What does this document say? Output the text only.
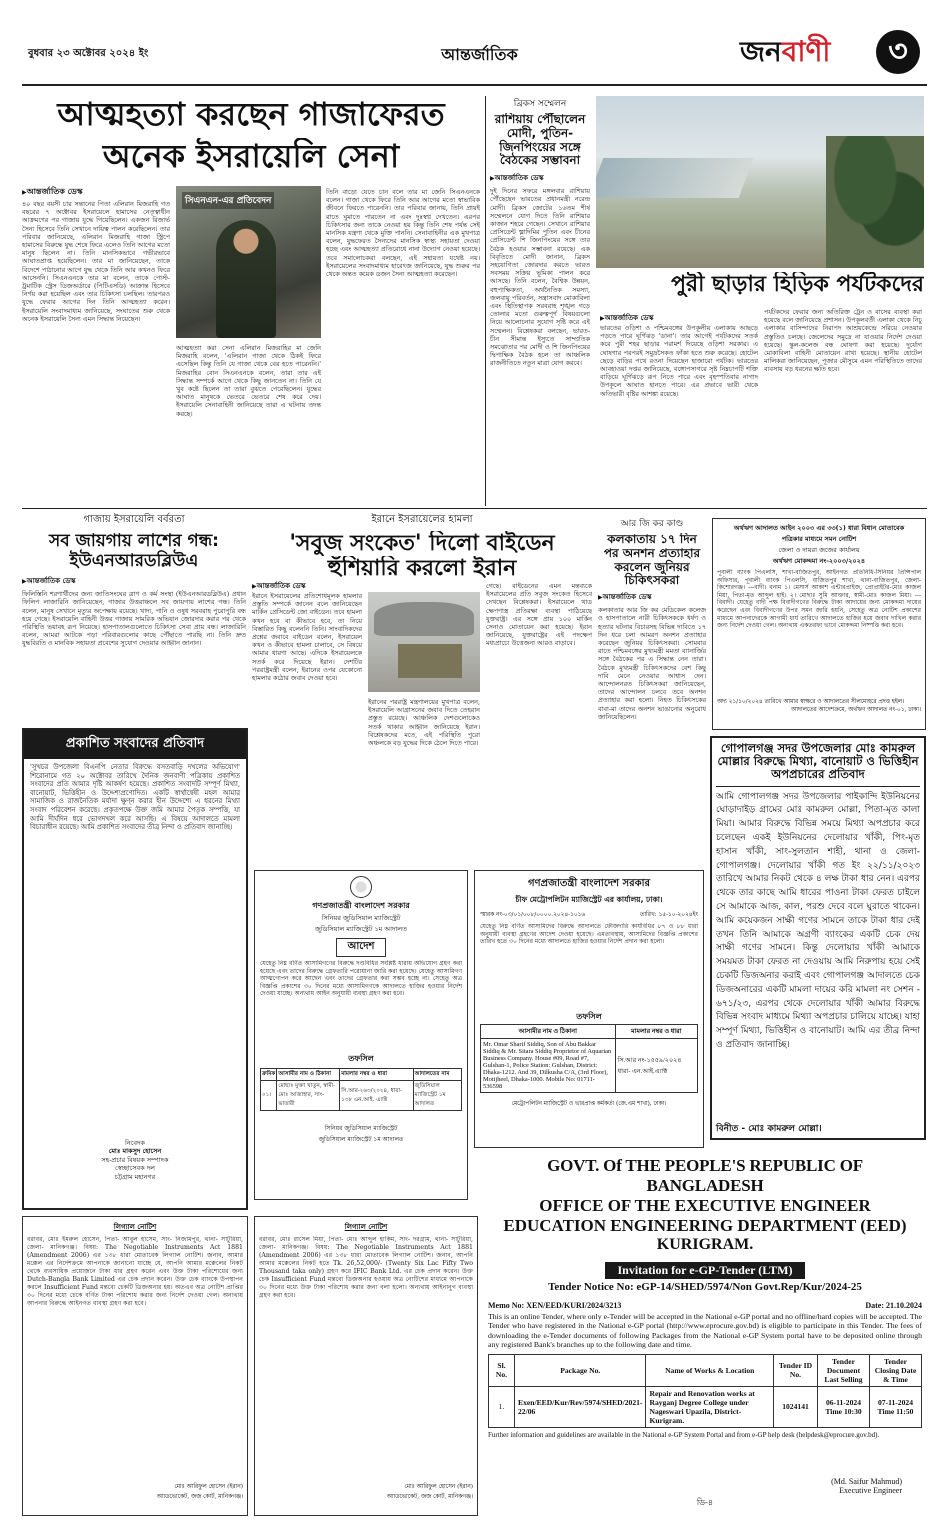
বুধবার ২৩ অক্টোবর ২০২৪ ইং	আন্তর্জাতিক	জনবাণী	৩
আত্মহত্যা করছেন গাজাফেরত
অনেক ইসরায়েলি সেনা
▶ আন্তর্জাতিক ডেস্ক
৪০ বছর বয়সী চার সন্তানের পিতা এলিরান মিজরাহি গত বছরের ৭ অক্টোবর ইসরায়েলে হামাসের নেতৃত্বাধীন আক্রমণের পর গাজায় যুদ্ধে গিয়েছিলেন। একজন রিজার্ভ সৈন্য হিসেবে তিনি সেখানে দায়িত্ব পালন করেছিলেন। তার পরিবার জানিয়েছে, এলিরান মিজরাহি গাজা স্ট্রিপে হামাসের বিরুদ্ধে যুদ্ধ শেষে ফিরে এলেও তিনি আগের মতো মানুষ ছিলেন না। তিনি মানসিকভাবে গভীরভাবে আঘাতপ্রাপ্ত হয়েছিলেন। তার মা জানিয়েছেন, তাকে বিদেশে পাঠানোর আগে যুদ্ধ থেকে তিনি আর কখনও ফিরে আসেননি। সিএনএনকে তার মা বলেন, তাকে পোস্ট-ট্রমাটিক স্ট্রেস ডিজঅর্ডারে (পিটিএসডি) আক্রান্ত হিসেবে নির্ণয় করা হয়েছিল এবং তার চিকিৎসা চলছিল। তারপরও যুদ্ধে ফেরার আগের দিন তিনি আত্মহত্যা করেন। ইসরায়েলি সংবাদমাধ্যম জানিয়েছে, সংঘাতের শুরু থেকে অনেক ইসরায়েলি সৈন্য এমন সিদ্ধান্ত নিয়েছেন।
সিএনএন-এর প্রতিবেদন
আত্মহত্যা করা সেনা এলিরান মিজরাহির মা জেনি মিজরাহি বলেন, 'এলিরান গাজা থেকে ঠিকই ফিরে এসেছিল কিন্তু তিনি যে গাজা থেকে বের হতে পারেননি।' মিজরাহির বোন সিএনএনকে বলেন, তারা তার এই সিদ্ধান্ত সম্পর্কে আগে থেকে কিছু জানতেন না। তিনি যে খুব কষ্টে ছিলেন তা তারা বুঝতে পেরেছিলেন। যুদ্ধের আঘাত মানুষকে ভেতরে ভেতরে শেষ করে দেয়। ইসরায়েলি সেনাবাহিনী জানিয়েছে তারা এ ঘটনায় তদন্ত করছে।
তিনি বাড়ো যেতে চান বলে তার মা জেনি সিএনএনকে বলেন। গাজা থেকে ফিরে তিনি আর আগের মতো স্বাভাবিক জীবনে ফিরতে পারেননি। তার পরিবার জানায়, তিনি প্রায়ই রাতে ঘুমাতে পারতেন না এবং দুঃস্বপ্ন দেখতেন। এরপর চিকিৎসার জন্য তাকে নেওয়া হয় কিন্তু তিনি শেষ পর্যন্ত সেই মানসিক যন্ত্রণা থেকে মুক্তি পাননি। সেনাবাহিনীর এক মুখপাত্র বলেন, যুদ্ধফেরত সৈন্যদের মানসিক স্বাস্থ্য সহায়তা দেওয়া হচ্ছে এবং আত্মহত্যা প্রতিরোধে নানা উদ্যোগ নেওয়া হয়েছে। তবে সমালোচকরা বলছেন, এই সহায়তা যথেষ্ট নয়। ইসরায়েলের সংবাদমাধ্যম হারেৎজ জানিয়েছে, যুদ্ধ শুরুর পর থেকে অন্তত কয়েক ডজন সৈন্য আত্মহত্যা করেছেন।
ব্রিকস সম্মেলন
রাশিয়ায় পৌঁছালেন মোদী, পুতিন-জিনপিংয়ের সঙ্গে বৈঠকের সম্ভাবনা
▶ আন্তর্জাতিক ডেস্ক
দুই দিনের সফরে মঙ্গলবার রাশিয়ায় পৌঁছেছেন ভারতের প্রধানমন্ত্রী নরেন্দ্র মোদী। ব্রিকস জোটের ১৬তম শীর্ষ সম্মেলনে যোগ দিতে তিনি রাশিয়ার কাজান শহরে গেছেন। সেখানে রাশিয়ার প্রেসিডেন্ট ভ্লাদিমির পুতিন এবং চীনের প্রেসিডেন্ট শি জিনপিংয়ের সঙ্গে তার বৈঠক হওয়ার সম্ভাবনা রয়েছে। এক বিবৃতিতে মোদী জানান, ব্রিকস সহযোগিতা জোরদার করতে ভারত সবসময় সক্রিয় ভূমিকা পালন করে আসছে। তিনি বলেন, বৈশ্বিক উন্নয়ন, বহুপাক্ষিকতা, অর্থনৈতিক সমস্যা, জলবায়ু পরিবর্তন, সন্ত্রাসবাদ মোকাবিলা এবং স্থিতিস্থাপক সরবরাহ শৃঙ্খল গড়ে তোলার মতো গুরুত্বপূর্ণ বিষয়গুলো নিয়ে আলোচনার সুযোগ সৃষ্টি করে এই সম্মেলন। বিশ্লেষকরা বলছেন, ভারত-চীন সীমান্ত ইস্যুতে সাম্প্রতিক সমঝোতার পর মোদী ও শি জিনপিংয়ের দ্বিপাক্ষিক বৈঠক হলে তা আঞ্চলিক রাজনীতিতে নতুন মাত্রা যোগ করবে।
পুরী ছাড়ার হিড়িক পর্যটকদের
▶ আন্তর্জাতিক ডেস্ক
ভারতের ওড়িশা ও পশ্চিমবঙ্গের উপকূলীয় এলাকায় আছড়ে পড়তে পারে ঘূর্ণিঝড় 'ডানা'। তার আগেই পর্যটকদের সতর্ক করে পুরী শহর ছাড়ার পরামর্শ দিয়েছে ওড়িশা সরকার। এ ঘোষণার পরপরই সমুদ্রসৈকত ফাঁকা হতে শুরু করেছে। হোটেল ছেড়ে বাড়ির পথে রওনা দিয়েছেন হাজারো পর্যটক। ভারতের আবহাওয়া দপ্তর জানিয়েছে, বঙ্গোপসাগরে সৃষ্ট নিম্নচাপটি শক্তি বাড়িয়ে ঘূর্ণিঝড়ে রূপ নিতে পারে এবং বৃহস্পতিবার নাগাদ উপকূলে আঘাত হানতে পারে। এর প্রভাবে ভারী থেকে অতিভারী বৃষ্টির আশঙ্কা রয়েছে।
পর্যটকদের ফেরার জন্য অতিরিক্ত ট্রেন ও বাসের ব্যবস্থা করা হয়েছে বলে জানিয়েছে প্রশাসন। উপকূলবর্তী এলাকা থেকে নিচু এলাকার বাসিন্দাদের নিরাপদ আশ্রয়কেন্দ্রে সরিয়ে নেওয়ার প্রস্তুতিও চলছে। জেলেদের সমুদ্রে না যাওয়ার নির্দেশ দেওয়া হয়েছে। স্কুল-কলেজ বন্ধ ঘোষণা করা হয়েছে। দুর্যোগ মোকাবিলা বাহিনী মোতায়েন রাখা হয়েছে। স্থানীয় হোটেল মালিকরা জানিয়েছেন, পূজার মৌসুমে এমন পরিস্থিতিতে তাদের ব্যবসায় বড় ধরনের ক্ষতি হবে।
গাজায় ইসরায়েলি বর্বরতা
সব জায়গায় লাশের গন্ধ: ইউএনআরডব্লিউএ
▶ আন্তর্জাতিক ডেস্ক
ফিলিস্তিনি শরণার্থীদের জন্য জাতিসংঘের ত্রাণ ও কর্ম সংস্থা (ইউএনআরডব্লিউএ) প্রধান ফিলিপ লাজারিনি জানিয়েছেন, গাজার উত্তরাঞ্চলে সব জায়গায় লাশের গন্ধ। তিনি বলেন, মানুষ সেখানে মৃত্যুর অপেক্ষায় রয়েছে। খাদ্য, পানি ও ওষুধ সরবরাহ পুরোপুরি বন্ধ হয়ে গেছে। ইসরায়েলি বাহিনী উত্তর গাজায় সামরিক অভিযান জোরদার করার পর থেকে পরিস্থিতি ভয়াবহ রূপ নিয়েছে। হাসপাতালগুলোতে চিকিৎসা সেবা প্রায় বন্ধ। লাজারিনি বলেন, আমরা আটকে পড়া পরিবারগুলোর কাছে পৌঁছাতে পারছি না। তিনি দ্রুত যুদ্ধবিরতি ও মানবিক সহায়তা প্রবেশের সুযোগ দেওয়ার আহ্বান জানান।
ইরানে ইসরায়েলের হামলা
'সবুজ সংকেত' দিলো বাইডেন
হুঁশিয়ারি করলো ইরান
▶ আন্তর্জাতিক ডেস্ক
ইরানে ইসরায়েলের প্রতিশোধমূলক হামলার প্রস্তুতি সম্পর্কে জানেন বলে জানিয়েছেন মার্কিন প্রেসিডেন্ট জো বাইডেন। তবে হামলা কখন হবে বা কীভাবে হবে, তা নিয়ে বিস্তারিত কিছু বলেননি তিনি। সাংবাদিকদের প্রশ্নের জবাবে বাইডেন বলেন, ইসরায়েল কখন ও কীভাবে হামলা চালাবে, সে বিষয়ে আমার ধারণা আছে। এদিকে ইসরায়েলকে সতর্ক করে দিয়েছে ইরান। দেশটির পররাষ্ট্রমন্ত্রী বলেন, ইরানের ওপর যেকোনো হামলার কঠোর জবাব দেওয়া হবে।
ইরানের পররাষ্ট্র মন্ত্রণালয়ের মুখপাত্র বলেন, ইসরায়েলি আগ্রাসনের জবাব দিতে তেহরান প্রস্তুত রয়েছে। আঞ্চলিক দেশগুলোকেও সতর্ক থাকার আহ্বান জানিয়েছে ইরান। বিশ্লেষকদের মতে, এই পরিস্থিতি পুরো অঞ্চলকে বড় যুদ্ধের দিকে ঠেলে দিতে পারে।
গেছে। বাইডেনের এমন মন্তব্যকে ইসরায়েলের প্রতি সবুজ সংকেত হিসেবে দেখছেন বিশ্লেষকরা। ইসরায়েলে থাড ক্ষেপণাস্ত্র প্রতিরক্ষা ব্যবস্থা পাঠিয়েছে যুক্তরাষ্ট্র। এর সঙ্গে প্রায় ১০০ মার্কিন সেনাও মোতায়েন করা হয়েছে। ইরান জানিয়েছে, যুক্তরাষ্ট্রের এই পদক্ষেপ মধ্যপ্রাচ্যে উত্তেজনা আরও বাড়াবে।
আর জি কর কাণ্ড
কলকাতায় ১৭ দিন পর অনশন প্রত্যাহার করলেন জুনিয়র চিকিৎসকরা
▶ আন্তর্জাতিক ডেস্ক
কলকাতার আর জি কর মেডিকেল কলেজ ও হাসপাতালে নারী চিকিৎসককে ধর্ষণ ও হত্যার ঘটনার বিচারসহ বিভিন্ন দাবিতে ১৭ দিন ধরে চলা আমরণ অনশন প্রত্যাহার করেছেন জুনিয়র চিকিৎসকরা। সোমবার রাতে পশ্চিমবঙ্গের মুখ্যমন্ত্রী মমতা ব্যানার্জির সঙ্গে বৈঠকের পর এ সিদ্ধান্ত নেন তারা। বৈঠকে মুখ্যমন্ত্রী চিকিৎসকদের বেশ কিছু দাবি মেনে নেওয়ার আশ্বাস দেন। আন্দোলনরত চিকিৎসকরা জানিয়েছেন, তাদের আন্দোলন চলবে তবে অনশন প্রত্যাহার করা হলো। নিহত চিকিৎসকের বাবা-মা তাদের অনশন ভাঙানোর অনুরোধ জানিয়েছিলেন।
অর্থঋণ আদালত আইন ২০০৩ এর ৩৩(১) ধারা বিধান মোতাবেক
পত্রিকার মাধ্যমে সমন নোটিশ
জেলা ও দায়রা জজের কার্যালয়
অর্থঋণ মোকদ্দমা নং-২০০৩/২০২৪
পূবালী ব্যাংক পিএলসি, শাখা-বাজিতপুর, আইনগত প্রতিনিধি-সিনিয়র প্রিন্সিপাল অফিসার, পূবালী ব্যাংক পিএলসি, বাজিতপুর শাখা, থানা-বাজিতপুর, জেলা-কিশোরগঞ্জ। ---বাদী। বনাম ১। মেসার্স আকাশ এন্টারপ্রাইজ, প্রোপ্রাইটর-মোঃ কাজল মিয়া, পিতা-মৃত আব্দুল হাই। ২। মোছাঃ সুমি আক্তার, স্বামী-মোঃ কাজল মিয়া। ---বিবাদী। যেহেতু বাদী পক্ষ বিবাদীগণের বিরুদ্ধে টাকা আদায়ের জন্য মোকদ্দমা দায়ের করেছেন এবং বিবাদীগণের উপর সমন জারি হয়নি, সেহেতু অত্র নোটিশ প্রকাশের মাধ্যমে আপনাদেরকে আগামী ধার্য তারিখে আদালতে হাজির হয়ে জবাব দাখিল করার জন্য নির্দেশ দেওয়া গেল। অন্যথায় একতরফা ভাবে মোকদ্দমা নিষ্পত্তি করা হবে।
অদ্য ২১/১০/২০২৪ তারিখে আমার স্বাক্ষরে ও আদালতের সীলমোহরে প্রদত্ত হইল।
আদালতের আদেশক্রমে, অর্থঋণ আদালত নং-০১, ঢাকা।
প্রকাশিত সংবাদের প্রতিবাদ
'সুখচর উপজেলা বিএনপি নেতার বিরুদ্ধে বসতবাড়ি দখলের অভিযোগ' শিরোনামে গত ২০ অক্টোবর তারিখে দৈনিক জনবাণী পত্রিকায় প্রকাশিত সংবাদের প্রতি আমার দৃষ্টি আকর্ষণ হয়েছে। প্রকাশিত সংবাদটি সম্পূর্ণ মিথ্যা, বানোয়াট, ভিত্তিহীন ও উদ্দেশ্যপ্রণোদিত। একটি স্বার্থান্বেষী মহল আমার সামাজিক ও রাজনৈতিক মর্যাদা ক্ষুণ্ন করার হীন উদ্দেশ্যে এ ধরনের মিথ্যা সংবাদ পরিবেশন করেছে। প্রকৃতপক্ষে উক্ত জমি আমার পৈতৃক সম্পত্তি, যা আমি দীর্ঘদিন ধরে ভোগদখল করে আসছি। এ বিষয়ে আদালতে মামলা বিচারাধীন রয়েছে। আমি প্রকাশিত সংবাদের তীব্র নিন্দা ও প্রতিবাদ জানাচ্ছি।
নিবেদক
মোঃ মাকসুদ হোসেন
সহ-প্রচার বিষয়ক সম্পাদক
স্বেচ্ছাসেবক দল
চট্টগ্রাম মহানগর
গণপ্রজাতন্ত্রী বাংলাদেশ সরকার
সিনিয়র জুডিসিয়াল ম্যাজিস্ট্রেট
জুডিসিয়াল ম্যাজিস্ট্রেট ১ম আদালত
আদেশ
যেহেতু নিম্ন বর্ণিত আসামিগণের বিরুদ্ধে দণ্ডবিধির সংশ্লিষ্ট ধারায় অভিযোগ গ্রহণ করা হয়েছে এবং তাদের বিরুদ্ধে গ্রেফতারি পরোয়ানা জারি করা হয়েছে। যেহেতু আসামিগণ আত্মগোপন করে আছেন এবং তাদের গ্রেফতার করা সম্ভব হচ্ছে না। সেহেতু অত্র বিজ্ঞপ্তি প্রকাশের ৩০ দিনের মধ্যে আসামিগণকে আদালতে হাজির হওয়ার নির্দেশ দেওয়া যাচ্ছে। অন্যথায় আইন অনুযায়ী ব্যবস্থা গ্রহণ করা হবে।
তফসিল
ক্রমিক	আসামীর নাম ও ঠিকানা	মামলার নম্বর ও ধারা	আদালতের নাম
০১।	মোছাঃ মুক্তা খাতুন, স্বামী- মোঃ আজাহার, সাং- ভাতারী	সি.আর-২৬৩/২০২৪, ধারা- ১৩৮ এন.আই. এ্যাক্ট	জুডিসিয়াল ম্যাজিস্ট্রেট ১ম আদালত
সিনিয়র জুডিসিয়াল ম্যাজিস্ট্রেট
জুডিসিয়াল ম্যাজিস্ট্রেট ১ম আদালত
গণপ্রজাতন্ত্রী বাংলাদেশ সরকার
চীফ মেট্রোপলিটন ম্যাজিস্ট্রেট এর কার্যালয়, ঢাকা।
স্মারক নং-০৩/০১/০০৮/০০০০.২০২৪-১০১৬	তারিখ: ১৫-১০-২০২৪ইং
যেহেতু নিম্ন বর্ণিত আসামিদের বিরুদ্ধে আদালতে ফৌজদারি কার্যবিধির ৮৭ ও ৮৮ ধারা অনুযায়ী ব্যবস্থা গ্রহণের আদেশ দেওয়া হয়েছে। এমতাবস্থায়, আসামিদের বিজ্ঞপ্তি প্রকাশের তারিখ হতে ৩০ দিনের মধ্যে আদালতে হাজির হওয়ার নির্দেশ প্রদান করা হলো।
তফসিল
আসামীর নাম ও ঠিকানা	মামলার নম্বর ও ধারা
Mr. Omar Sharif Siddiq, Son of Abu Bakkar Siddiq & Mr. Sitara Siddiq Proprietor of Aquarian Business Company. House #09, Road #7, Gulshan-1, Police Station: Gulshan, District: Dhaka-1212. And 39, Dilkusha C/A, (3rd Floor), Motijheel, Dhaka-1000. Mobile No: 01711-536598	সি.আর নং-১৫৫৯/২০২৪ ধারা- এন.আই.এ্যাক্ট
মেট্রোপলিটন ম্যাজিস্ট্রেট ও ভারপ্রাপ্ত কর্মকর্তা (জে.এম শাখা), ঢাকা।
গোপালগঞ্জ সদর উপজেলার মোঃ কামরুল মোল্লার বিরুদ্ধে মিথ্যা, বানোয়াট ও ভিত্তিহীন অপপ্রচারের প্রতিবাদ
আমি গোপালগঞ্জ সদর উপজেলার পাইকান্দি ইউনিয়নের ঘোড়াদাইড় গ্রামের মোঃ কামরুল মোল্লা, পিতা-মৃত কালা মিয়া। আমার বিরুদ্ধে বিভিন্ন সময়ে মিথ্যা অপপ্রচার করে চলেছেন একই ইউনিয়নের দেলোয়ার খাঁকী, পিং-মৃত হাসান খাঁকী, সাং-সুলতান শাহী, থানা ও জেলা-গোপালগঞ্জ। দেলোয়ার খাঁকী গত ইং ২২/১১/২০২৩ তারিখে আমার নিকট থেকে ৪ লক্ষ টাকা ধার নেন। এরপর থেকে তার কাছে আমি ধারের পাওনা টাকা ফেরত চাইলে সে আমাকে আজ, কাল, পরশু দেবে বলে ঘুরাতে থাকেন। আমি কয়েকজন সাক্ষী গণের সামনে তাকে টাকা ধার দেই তখন তিনি আমাকে অগ্রণী ব্যাংকের একটি চেক দেয় সাক্ষী গণের সামনে। কিন্তু দেলোয়ার খাঁকী আমাকে সময়মত টাকা ফেরত না দেওয়ায় আমি নিরুপায় হয়ে সেই চেকটি ডিজঅনার করাই এবং গোপালগঞ্জ আদালতে চেক ডিজঅনারের একটি মামলা দায়ের করি মামলা নং সেশন - ৬৭১/২৩, এরপর থেকে দেলোয়ার খাঁকী আমার বিরুদ্ধে বিভিন্ন সংবাদ মাধ্যমে মিথ্যা অপপ্রচার চালিয়ে যাচ্ছে। যাহা সম্পূর্ণ মিথ্যা, ভিত্তিহীন ও বানোয়াট। আমি এর তীব্র নিন্দা ও প্রতিবাদ জানাচ্ছি।
বিনীত - মোঃ কামরুল মোল্লা।
লিগ্যাল নোটিশ
বরাবর, মোঃ ইমরুল হোসেন, পিতা- আবুল হাসেম, সাং- নিজামপুর, থানা- সাটুরিয়া, জেলা- মানিকগঞ্জ। বিষয়: The Negotiable Instruments Act 1881 (Amendment 2006) এর ১৩৮ ধারা মোতাবেক লিগ্যাল নোটিশ। জনাব, আমার মক্কেল এর নির্দেশক্রমে আপনাকে জানানো যাচ্ছে যে, আপনি আমার মক্কেলের নিকট থেকে ব্যবসায়িক প্রয়োজনে টাকা ধার গ্রহণ করেন এবং উক্ত টাকা পরিশোধের জন্য Dutch-Bangla Bank Limited এর চেক প্রদান করেন। উক্ত চেক ব্যাংকে উপস্থাপন করলে Insufficient Fund মন্তব্যে চেকটি ডিজঅনার হয়। অতএব অত্র নোটিশ প্রাপ্তির ৩০ দিনের মধ্যে চেকে বর্ণিত টাকা পরিশোধ করার জন্য নির্দেশ দেওয়া গেল। অন্যথায় আপনার বিরুদ্ধে আইনগত ব্যবস্থা গ্রহণ করা হবে।
মোঃ আরিফুল হোসেন (ইরান)
অ্যাডভোকেট, জজ কোর্ট, মানিকগঞ্জ।
লিগ্যাল নোটিশ
বরাবর, মোঃ রাসেল মিয়া, পিতা- মোঃ আব্দুল হাকিম, সাং- দরগ্রাম, থানা- সাটুরিয়া, জেলা- মানিকগঞ্জ। বিষয়: The Negotiable Instruments Act 1881 (Amendment 2006) এর ১৩৮ ধারা মোতাবেক লিগ্যাল নোটিশ। জনাব, আপনি আমার মক্কেলের নিকট হতে Tk. 26,52,000/- (Twenty Six Lac Fifty Two Thousand taka only) গ্রহণ করে IFIC Bank Ltd. এর চেক প্রদান করেন। উক্ত চেক Insufficient Fund মন্তব্যে ডিজঅনার হওয়ায় অত্র নোটিশের মাধ্যমে আপনাকে ৩০ দিনের মধ্যে উক্ত টাকা পরিশোধ করার জন্য বলা হলো। অন্যথায় আইনানুগ ব্যবস্থা গ্রহণ করা হবে।
মোঃ আরিফুল হোসেন (ইরান)
অ্যাডভোকেট, জজ কোর্ট, মানিকগঞ্জ।
GOVT. Of THE PEOPLE'S REPUBLIC OF BANGLADESH
OFFICE OF THE EXECUTIVE ENGINEER
EDUCATION ENGINEERING DEPARTMENT (EED)
KURIGRAM.
Invitation for e-GP-Tender (LTM)
Tender Notice No: eGP-14/SHED/5974/Non Govt.Rep/Kur/2024-25
Memo No: XEN/EED/KURI/2024/3213	Date: 21.10.2024
This is an online Tender, where only e-Tender will be accepted in the National e-GP portal and no offline/hard copies will be accepted. The Tender who have registered in the National e-GP portal (http://www.eprocure.gov.bd) is eligible to participate in this Tender. The fees of downloading the e-Tender documents of following Packages from the National e-GP System portal have to be deposited online through any registered Bank's branches up to the following date and time.
Sl. No.	Package No.	Name of Works & Location	Tender ID No.	Tender Document Last Selling	Tender Closing Date & Time
1.	Exen/EED/Kur/Rev/5974/SHED/2021-22/06	Repair and Renovation works at Rayganj Degree College under Nageswari Upazila, District- Kurigram.	1024141	06-11-2024 Time 10:30	07-11-2024 Time 11:50
Further information and guidelines are available in the National e-GP System Portal and from e-GP help desk (helpdesk@eprocure.gov.bd).
(Md. Saifur Mahmud)
Executive Engineer
ডি-৪
